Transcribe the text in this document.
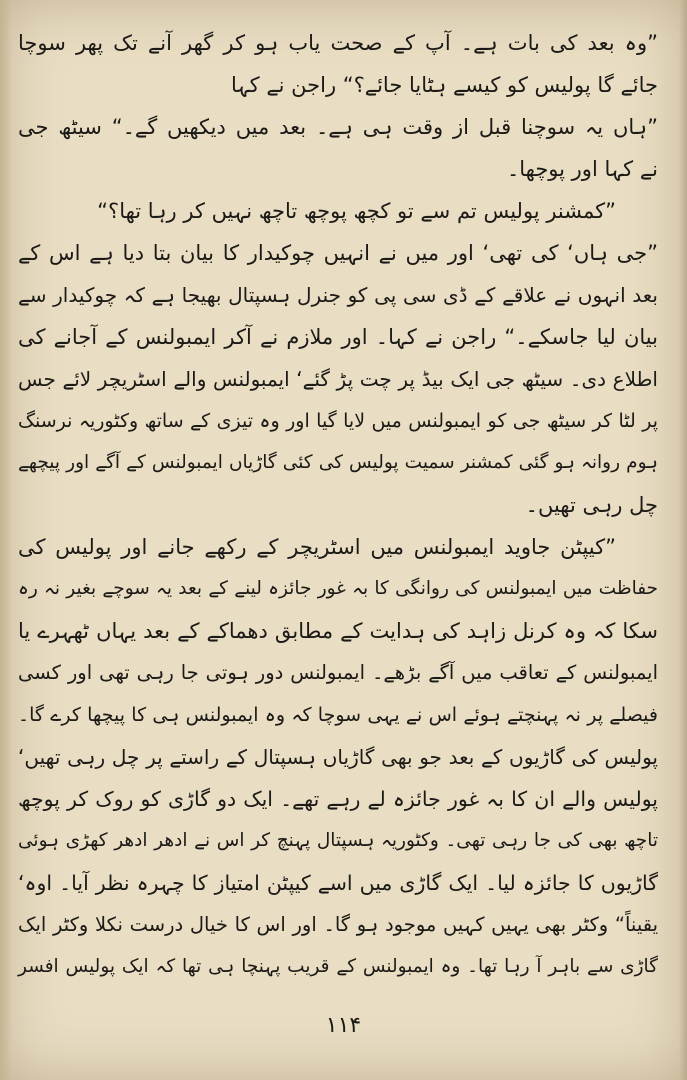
”وہ بعد کی بات ہے۔ آپ کے صحت یاب ہو کر گھر آنے تک پھر سوچا
جائے گا پولیس کو کیسے ہٹایا جائے؟“ راجن نے کہا
”ہاں یہ سوچنا قبل از وقت ہی ہے۔ بعد میں دیکھیں گے۔“ سیٹھ جی
نے کہا اور پوچھا۔
”کمشنر پولیس تم سے تو کچھ پوچھ تاچھ نہیں کر رہا تھا؟“
”جی ہاں‘ کی تھی‘ اور میں نے انہیں چوکیدار کا بیان بتا دیا ہے اس کے
بعد انہوں نے علاقے کے ڈی سی پی کو جنرل ہسپتال بھیجا ہے کہ چوکیدار سے
بیان لیا جاسکے۔“ راجن نے کہا۔ اور ملازم نے آکر ایمبولنس کے آجانے کی
اطلاع دی۔ سیٹھ جی ایک بیڈ پر چت پڑ گئے‘ ایمبولنس والے اسٹریچر لائے جس
پر لٹا کر سیٹھ جی کو ایمبولنس میں لایا گیا اور وہ تیزی کے ساتھ وکٹوریہ نرسنگ
ہوم روانہ ہو گئی کمشنر سمیت پولیس کی کئی گاڑیاں ایمبولنس کے آگے اور پیچھے
چل رہی تھیں۔
”کیپٹن جاوید ایمبولنس میں اسٹریچر کے رکھے جانے اور پولیس کی
حفاظت میں ایمبولنس کی روانگی کا بہ غور جائزہ لینے کے بعد یہ سوچے بغیر نہ رہ
سکا کہ وہ کرنل زاہد کی ہدایت کے مطابق دھماکے کے بعد یہاں ٹھہرے یا
ایمبولنس کے تعاقب میں آگے بڑھے۔ ایمبولنس دور ہوتی جا رہی تھی اور کسی
فیصلے پر نہ پہنچتے ہوئے اس نے یہی سوچا کہ وہ ایمبولنس ہی کا پیچھا کرے گا۔
پولیس کی گاڑیوں کے بعد جو بھی گاڑیاں ہسپتال کے راستے پر چل رہی تھیں‘
پولیس والے ان کا بہ غور جائزہ لے رہے تھے۔ ایک دو گاڑی کو روک کر پوچھ
تاچھ بھی کی جا رہی تھی۔ وکٹوریہ ہسپتال پہنچ کر اس نے ادھر ادھر کھڑی ہوئی
گاڑیوں کا جائزہ لیا۔ ایک گاڑی میں اسے کیپٹن امتیاز کا چہرہ نظر آیا۔ اوہ‘
یقیناً“ وکٹر بھی یہیں کہیں موجود ہو گا۔ اور اس کا خیال درست نکلا وکٹر ایک
گاڑی سے باہر آ رہا تھا۔ وہ ایمبولنس کے قریب پہنچا ہی تھا کہ ایک پولیس افسر
۱۱۴
